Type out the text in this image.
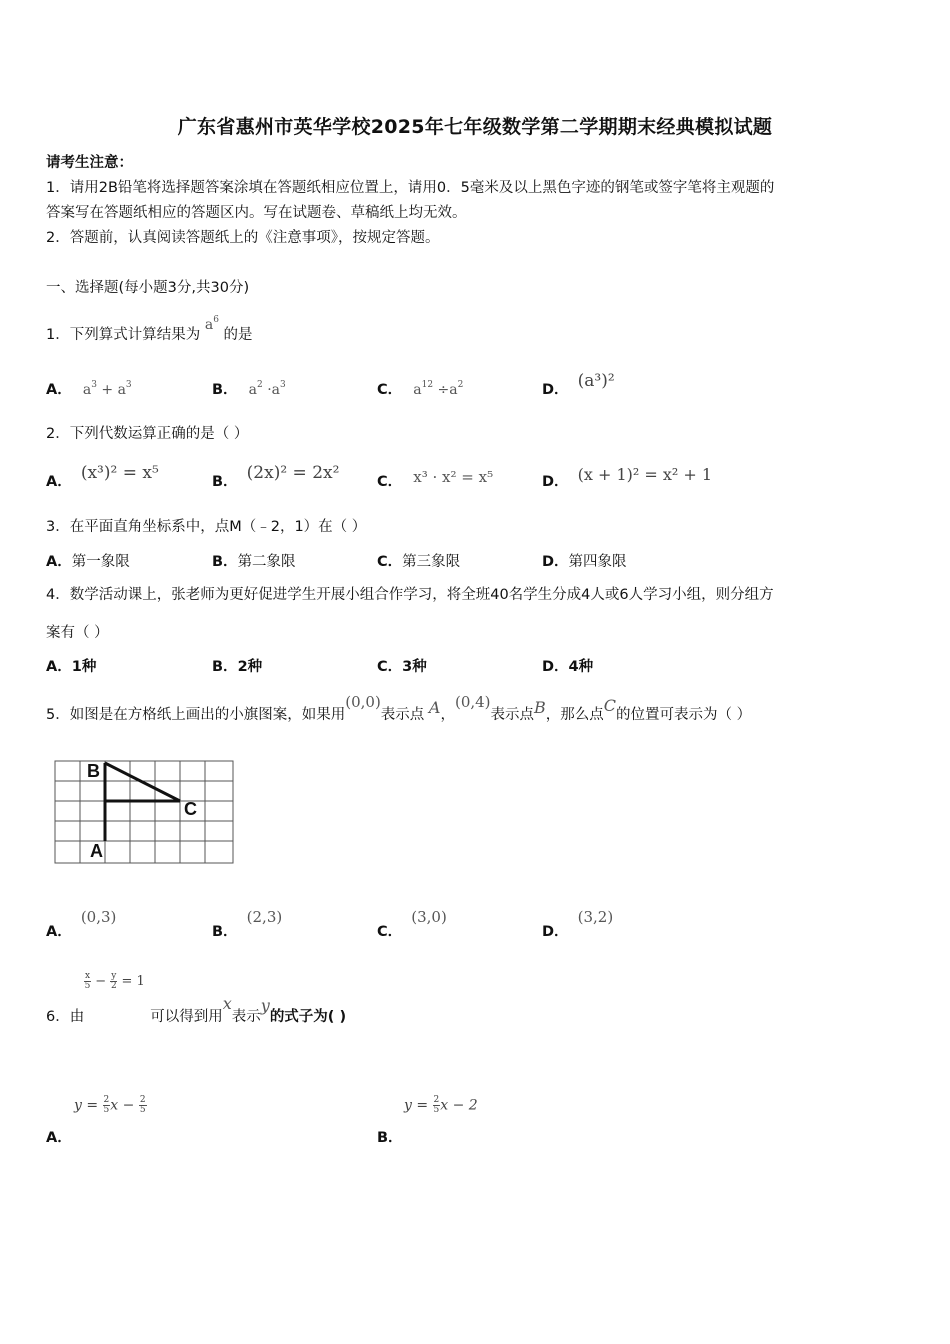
广东省惠州市英华学校2025年七年级数学第二学期期末经典模拟试题
请考生注意：
1．请用2B铅笔将选择题答案涂填在答题纸相应位置上，请用0．5毫米及以上黑色字迹的钢笔或签字笔将主观题的
答案写在答题纸相应的答题区内。写在试题卷、草稿纸上均无效。
2．答题前，认真阅读答题纸上的《注意事项》，按规定答题。
一、选择题(每小题3分,共30分)
1．下列算式计算结果为 $a^6$ 的是
A． $a^3 + a^3$	B． $a^2 \cdot a^3$	C． $a^{12} \div a^2$	D． (a³)²
2．下列代数运算正确的是（ ）
A． (x³)² = x⁵	B． (2x)² = 2x²	C． x³ · x² = x⁵	D． (x + 1)² = x² + 1
3．在平面直角坐标系中，点M（﹣2，1）在（ ）
A．第一象限	B．第二象限	C．第三象限	D．第四象限
4．数学活动课上，张老师为更好促进学生开展小组合作学习，将全班40名学生分成4人或6人学习小组，则分组方
案有（ ）
A．1种	B．2种	C．3种	D．4种
5．如图是在方格纸上画出的小旗图案，如果用(0,0)表示点 A，(0,4)表示点B，那么点C的位置可表示为（ ）
B
C
A
A． (0,3)
B． (2,3)
C． (3,0)
D． (3,2)
$\frac{x}{5} - \frac{y}{2} = 1$
6．由	可以得到用x表示y的式子为( )
$y = \frac{2}{5}$ $x - \frac{2}{5}$
A．
$y = \frac{2}{5}$ x − 2
B．
